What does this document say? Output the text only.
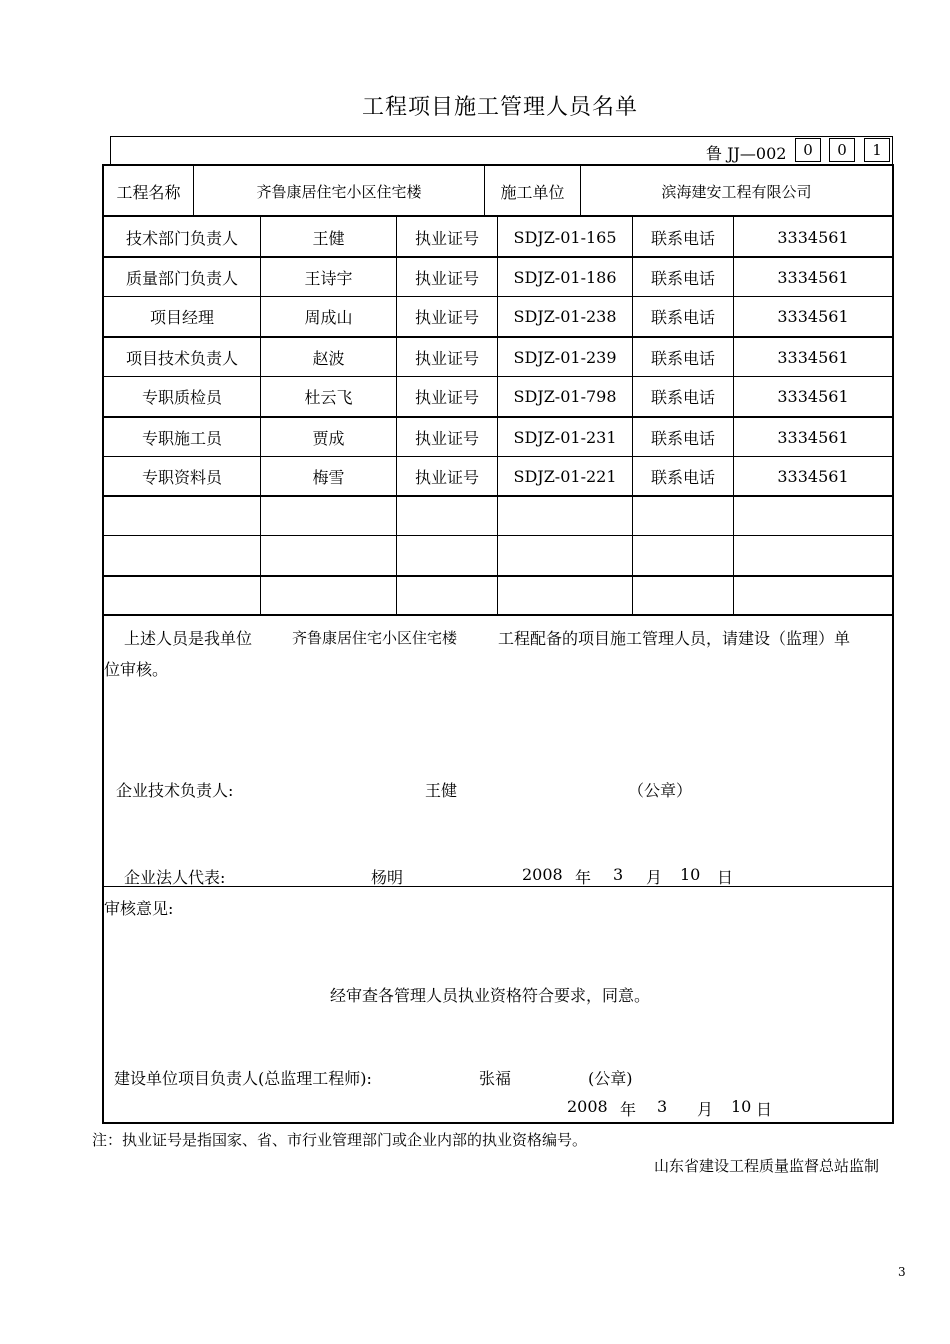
工程项目施工管理人员名单
鲁 JJ—002	0	0	1
工程名称	齐鲁康居住宅小区住宅楼	施工单位	滨海建安工程有限公司
技术部门负责人	王健	执业证号	SDJZ-01-165	联系电话	3334561
质量部门负责人	王诗宇	执业证号	SDJZ-01-186	联系电话	3334561
项目经理	周成山	执业证号	SDJZ-01-238	联系电话	3334561
项目技术负责人	赵波	执业证号	SDJZ-01-239	联系电话	3334561
专职质检员	杜云飞	执业证号	SDJZ-01-798	联系电话	3334561
专职施工员	贾成	执业证号	SDJZ-01-231	联系电话	3334561
专职资料员	梅雪	执业证号	SDJZ-01-221	联系电话	3334561
上述人员是我单位	齐鲁康居住宅小区住宅楼	工程配备的项目施工管理人员，请建设（监理）单
位审核。
企业技术负责人:	王健	（公章）
企业法人代表:	杨明	2008 年 3 月 10 日
审核意见:
经审查各管理人员执业资格符合要求，同意。
建设单位项目负责人(总监理工程师):	张福	(公章)
2008 年 3 月 10 日
注：执业证号是指国家、省、市行业管理部门或企业内部的执业资格编号。
山东省建设工程质量监督总站监制
3
